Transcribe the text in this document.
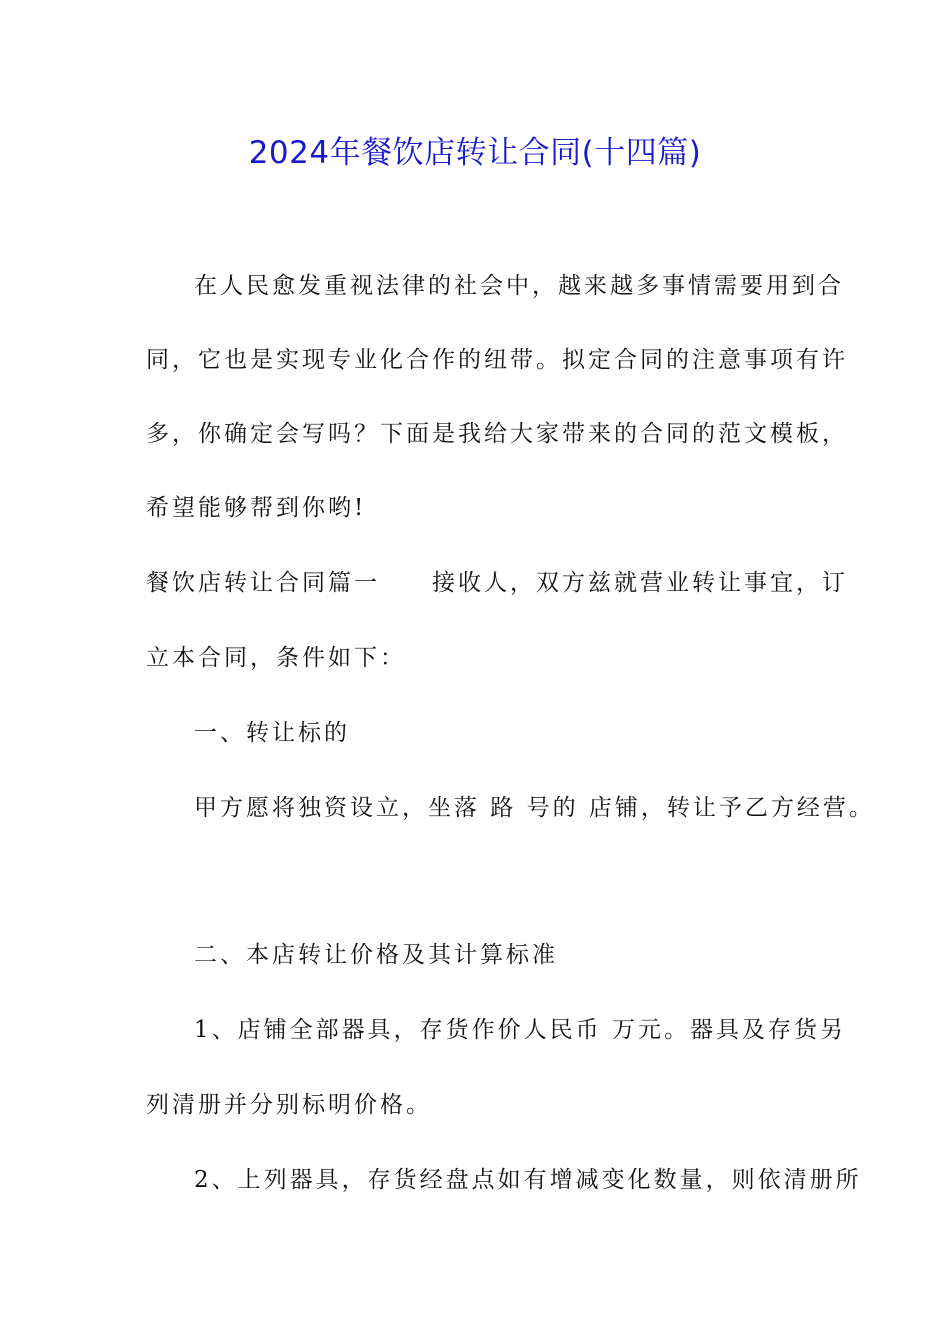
2024年餐饮店转让合同(十四篇)
在人民愈发重视法律的社会中，越来越多事情需要用到合
同，它也是实现专业化合作的纽带。拟定合同的注意事项有许
多，你确定会写吗？下面是我给大家带来的合同的范文模板，
希望能够帮到你哟!
餐饮店转让合同篇一　　接收人，双方兹就营业转让事宜，订
立本合同，条件如下：
一、转让标的
甲方愿将独资设立，坐落 路 号的 店铺，转让予乙方经营。
二、本店转让价格及其计算标准
1、店铺全部器具，存货作价人民币 万元。器具及存货另
列清册并分别标明价格。
2、上列器具，存货经盘点如有增减变化数量，则依清册所
